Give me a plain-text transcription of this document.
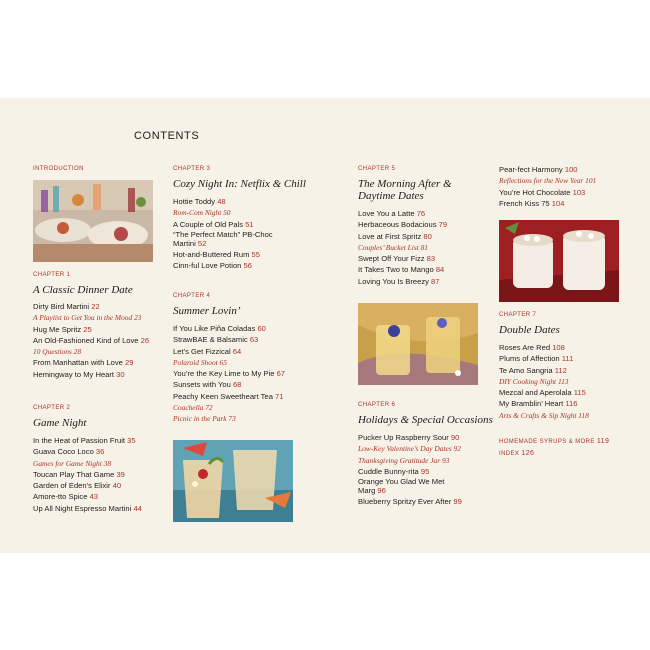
CONTENTS
INTRODUCTION
CHAPTER 1
A Classic Dinner Date
Dirty Bird Martini 22
A Playlist to Get You in the Mood 23
Hug Me Spritz 25
An Old-Fashioned Kind of Love 26
10 Questions 28
From Manhattan with Love 29
Hemingway to My Heart 30
CHAPTER 2
Game Night
In the Heat of Passion Fruit 35
Guava Coco Loco 36
Games for Game Night 38
Toucan Play That Game 39
Garden of Eden’s Elixir 40
Amore-tto Spice 43
Up All Night Espresso Martini 44
CHAPTER 3
Cozy Night In: Netflix & Chill
Hottie Toddy 48
Rom-Com Night 50
A Couple of Old Pals 51
“The Perfect Match” PB-Choc Martini 52
Hot-and-Buttered Rum 55
Cinn-ful Love Potion 56
CHAPTER 4
Summer Lovin’
If You Like Piña Coladas 60
StrawBAE & Balsamic 63
Let’s Get Fizzical 64
Polaroid Shoot 65
You’re the Key Lime to My Pie 67
Sunsets with You 68
Peachy Keen Sweetheart Tea 71
Coachella 72
Picnic in the Park 73
CHAPTER 5
The Morning After &
Daytime Dates
Love You a Latte 76
Herbaceous Bodacious 79
Love at First Spritz 80
Couples’ Bucket List 81
Swept Off Your Fizz 83
It Takes Two to Mango 84
Loving You Is Breezy 87
CHAPTER 6
Holidays & Special Occasions
Pucker Up Raspberry Sour 90
Low-Key Valentine’s Day Dates 92
Thanksgiving Gratitude Jar 93
Cuddle Bunny-rita 95
Orange You Glad We Met Marg 96
Blueberry Spritzy Ever After 99
Pear-fect Harmony 100
Reflections for the New Year 101
You’re Hot Chocolate 103
French Kiss 75 104
CHAPTER 7
Double Dates
Roses Are Red 108
Plums of Affection 111
Te Amo Sangria 112
DIY Cooking Night 113
Mezcal and Aperolala 115
My Bramblin’ Heart 116
Arts & Crafts & Sip Night 118
HOMEMADE SYRUPS & MORE 119
INDEX 126
